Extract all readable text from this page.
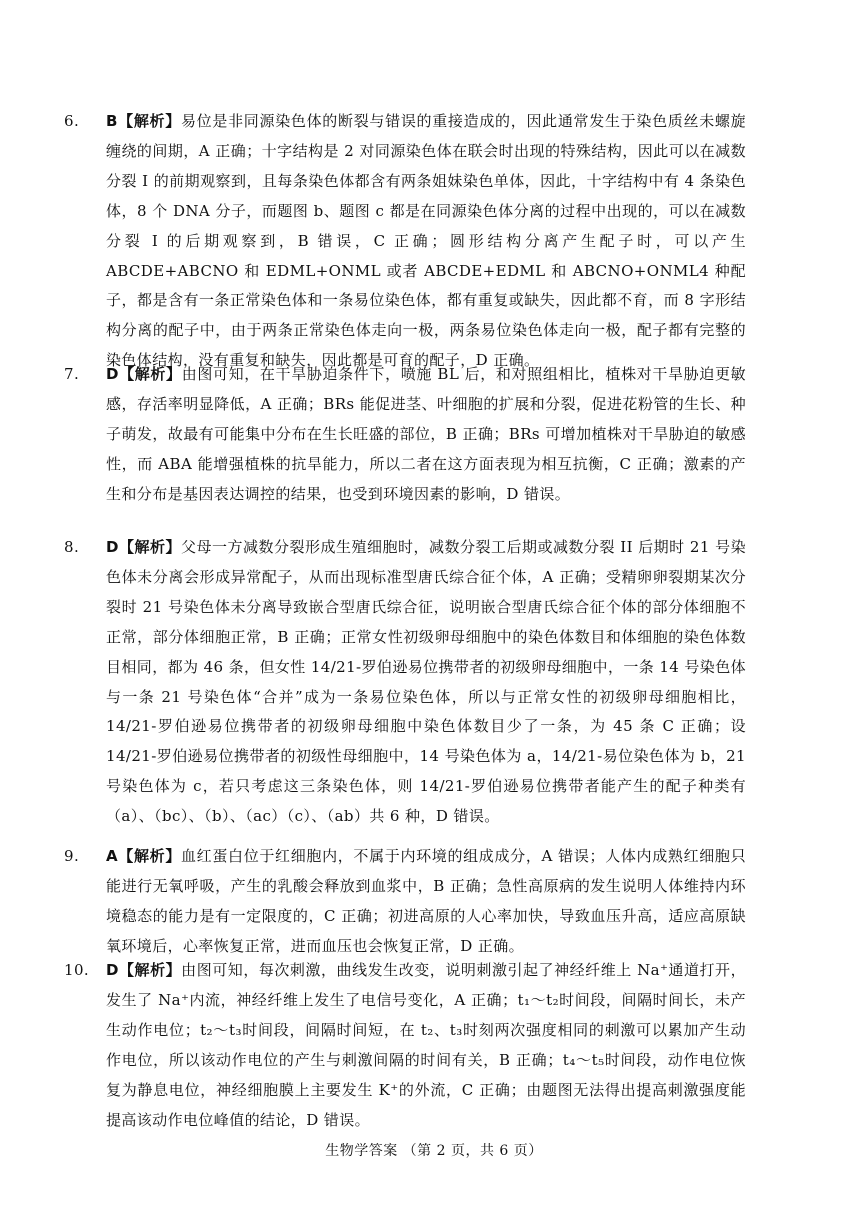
6.	B【解析】易位是非同源染色体的断裂与错误的重接造成的，因此通常发生于染色质丝未螺旋缠绕的间期，A 正确；十字结构是 2 对同源染色体在联会时出现的特殊结构，因此可以在减数分裂 I 的前期观察到，且每条染色体都含有两条姐妹染色单体，因此，十字结构中有 4 条染色体，8 个 DNA 分子，而题图 b、题图 c 都是在同源染色体分离的过程中出现的，可以在减数分裂 I 的后期观察到，B 错误，C 正确；圆形结构分离产生配子时，可以产生 ABCDE+ABCNO 和 EDML+ONML 或者 ABCDE+EDML 和 ABCNO+ONML4 种配子，都是含有一条正常染色体和一条易位染色体，都有重复或缺失，因此都不育，而 8 字形结构分离的配子中，由于两条正常染色体走向一极，两条易位染色体走向一极，配子都有完整的染色体结构，没有重复和缺失，因此都是可育的配子，D 正确。
7.	D【解析】由图可知，在干旱胁迫条件下，喷施 BL 后，和对照组相比，植株对干旱胁迫更敏感，存活率明显降低，A 正确；BRs 能促进茎、叶细胞的扩展和分裂，促进花粉管的生长、种子萌发，故最有可能集中分布在生长旺盛的部位，B 正确；BRs 可增加植株对干旱胁迫的敏感性，而 ABA 能增强植株的抗旱能力，所以二者在这方面表现为相互抗衡，C 正确；激素的产生和分布是基因表达调控的结果，也受到环境因素的影响，D 错误。
8.	D【解析】父母一方减数分裂形成生殖细胞时，减数分裂工后期或减数分裂 II 后期时 21 号染色体未分离会形成异常配子，从而出现标准型唐氏综合征个体，A 正确；受精卵卵裂期某次分裂时 21 号染色体未分离导致嵌合型唐氏综合征，说明嵌合型唐氏综合征个体的部分体细胞不正常，部分体细胞正常，B 正确；正常女性初级卵母细胞中的染色体数目和体细胞的染色体数目相同，都为 46 条，但女性 14/21-罗伯逊易位携带者的初级卵母细胞中，一条 14 号染色体与一条 21 号染色体“合并”成为一条易位染色体，所以与正常女性的初级卵母细胞相比，14/21-罗伯逊易位携带者的初级卵母细胞中染色体数目少了一条，为 45 条 C 正确；设 14/21-罗伯逊易位携带者的初级性母细胞中，14 号染色体为 a，14/21-易位染色体为 b，21 号染色体为 c，若只考虑这三条染色体，则 14/21-罗伯逊易位携带者能产生的配子种类有（a）、（bc）、（b）、（ac）（c）、（ab）共 6 种，D 错误。
9.	A【解析】血红蛋白位于红细胞内，不属于内环境的组成成分，A 错误；人体内成熟红细胞只能进行无氧呼吸，产生的乳酸会释放到血浆中，B 正确；急性高原病的发生说明人体维持内环境稳态的能力是有一定限度的，C 正确；初进高原的人心率加快，导致血压升高，适应高原缺氧环境后，心率恢复正常，进而血压也会恢复正常，D 正确。
10.	D【解析】由图可知，每次刺激，曲线发生改变，说明刺激引起了神经纤维上 Na⁺通道打开，发生了 Na⁺内流，神经纤维上发生了电信号变化，A 正确；t₁～t₂时间段，间隔时间长，未产生动作电位；t₂～t₃时间段，间隔时间短，在 t₂、t₃时刻两次强度相同的刺激可以累加产生动作电位，所以该动作电位的产生与刺激间隔的时间有关，B 正确；t₄～t₅时间段，动作电位恢复为静息电位，神经细胞膜上主要发生 K⁺的外流，C 正确；由题图无法得出提高刺激强度能提高该动作电位峰值的结论，D 错误。
生物学答案 （第 2 页，共 6 页）
